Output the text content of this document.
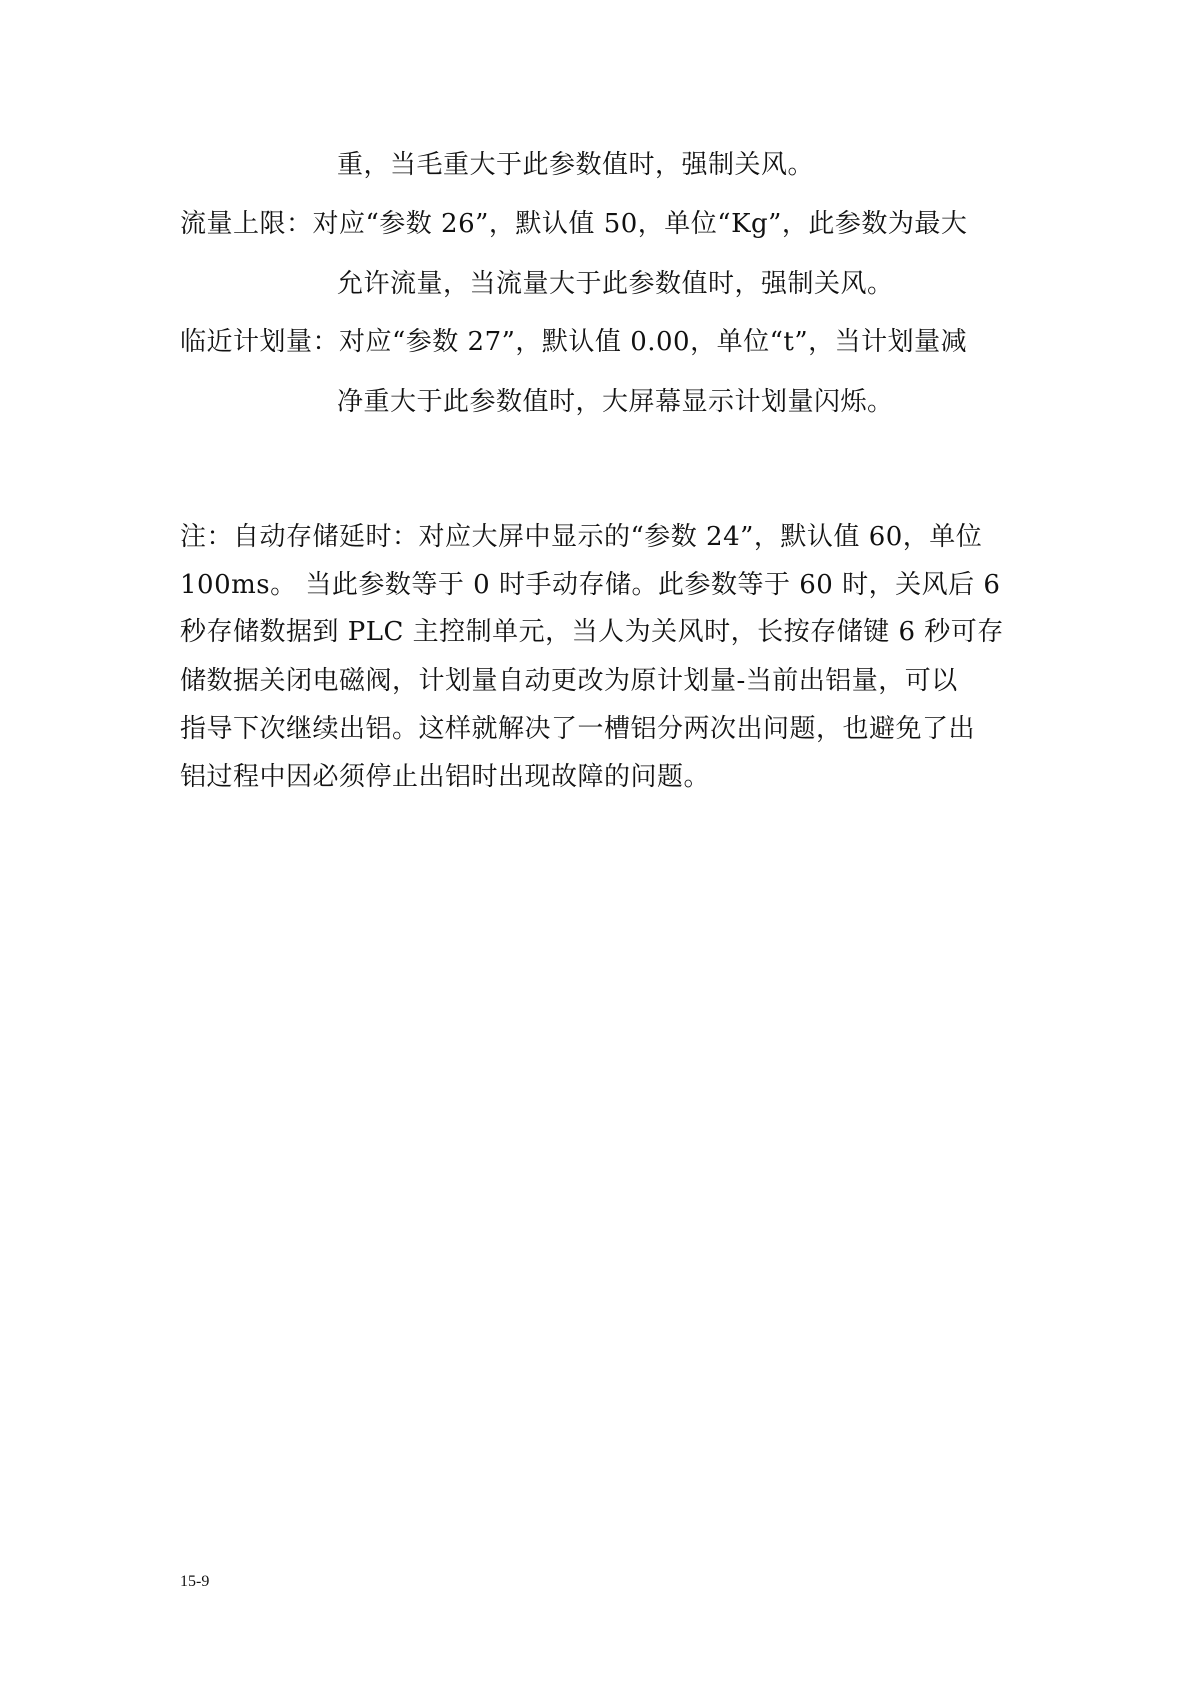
重，当毛重大于此参数值时，强制关风。
流量上限：对应“参数 26”，默认值 50，单位“Kg”，此参数为最大
允许流量，当流量大于此参数值时，强制关风。
临近计划量：对应“参数 27”，默认值 0.00，单位“t”，当计划量减
净重大于此参数值时，大屏幕显示计划量闪烁。
注：自动存储延时：对应大屏中显示的“参数 24”，默认值 60，单位
100ms。 当此参数等于 0 时手动存储。此参数等于 60 时，关风后 6
秒存储数据到 PLC 主控制单元，当人为关风时，长按存储键 6 秒可存
储数据关闭电磁阀，计划量自动更改为原计划量-当前出铝量，可以
指导下次继续出铝。这样就解决了一槽铝分两次出问题，也避免了出
铝过程中因必须停止出铝时出现故障的问题。
15-9
